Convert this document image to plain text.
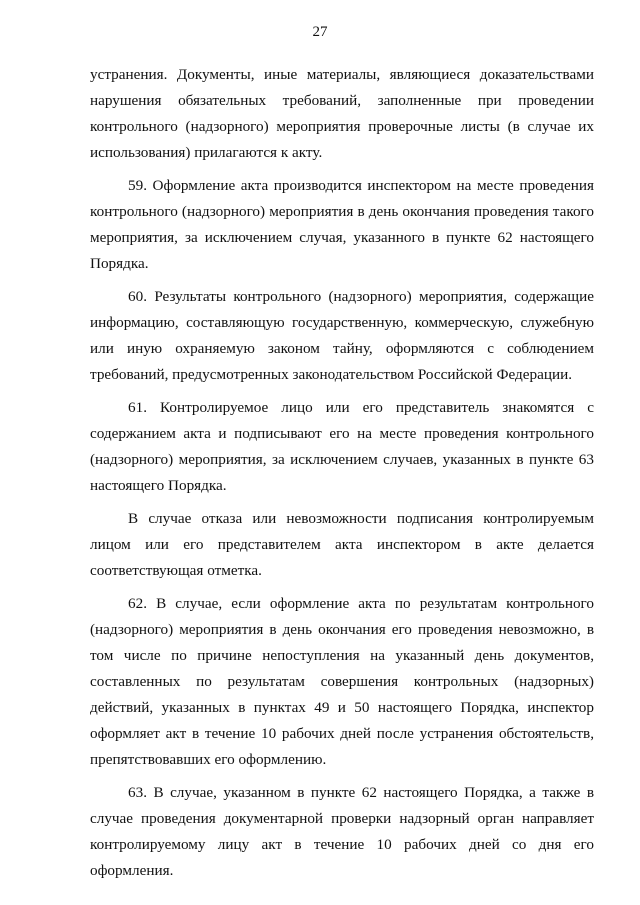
27

устранения. Документы, иные материалы, являющиеся доказательствами нарушения обязательных требований, заполненные при проведении контрольного (надзорного) мероприятия проверочные листы (в случае их использования) прилагаются к акту.

59. Оформление акта производится инспектором на месте проведения контрольного (надзорного) мероприятия в день окончания проведения такого мероприятия, за исключением случая, указанного в пункте 62 настоящего Порядка.

60. Результаты контрольного (надзорного) мероприятия, содержащие информацию, составляющую государственную, коммерческую, служебную или иную охраняемую законом тайну, оформляются с соблюдением требований, предусмотренных законодательством Российской Федерации.

61. Контролируемое лицо или его представитель знакомятся с содержанием акта и подписывают его на месте проведения контрольного (надзорного) мероприятия, за исключением случаев, указанных в пункте 63 настоящего Порядка.

В случае отказа или невозможности подписания контролируемым лицом или его представителем акта инспектором в акте делается соответствующая отметка.

62. В случае, если оформление акта по результатам контрольного (надзорного) мероприятия в день окончания его проведения невозможно, в том числе по причине непоступления на указанный день документов, составленных по результатам совершения контрольных (надзорных) действий, указанных в пунктах 49 и 50 настоящего Порядка, инспектор оформляет акт в течение 10 рабочих дней после устранения обстоятельств, препятствовавших его оформлению.

63. В случае, указанном в пункте 62 настоящего Порядка, а также в случае проведения документарной проверки надзорный орган направляет контролируемому лицу акт в течение 10 рабочих дней со дня его оформления.
